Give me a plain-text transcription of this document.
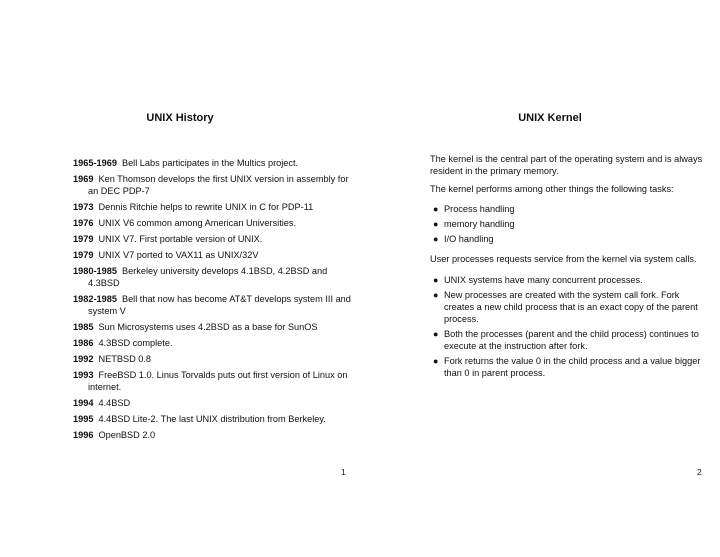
UNIX History
1965-1969 Bell Labs participates in the Multics project.
1969 Ken Thomson develops the first UNIX version in assembly for an DEC PDP-7
1973 Dennis Ritchie helps to rewrite UNIX in C for PDP-11
1976 UNIX V6 common among American Universities.
1979 UNIX V7. First portable version of UNIX.
1979 UNIX V7 ported to VAX11 as UNIX/32V
1980-1985 Berkeley university develops 4.1BSD, 4.2BSD and 4.3BSD
1982-1985 Bell that now has become AT&T develops system III and system V
1985 Sun Microsystems uses 4.2BSD as a base for SunOS
1986 4.3BSD complete.
1992 NETBSD 0.8
1993 FreeBSD 1.0. Linus Torvalds puts out first version of Linux on internet.
1994 4.4BSD
1995 4.4BSD Lite-2. The last UNIX distribution from Berkeley.
1996 OpenBSD 2.0
1
UNIX Kernel

The kernel is the central part of the operating system and is always resident in the primary memory.

The kernel performs among other things the following tasks:

● Process handling
● memory handling
● I/O handling

User processes requests service from the kernel via system calls.

● UNIX systems have many concurrent processes.
● New processes are created with the system call fork. Fork creates a new child process that is an exact copy of the parent process.
● Both the processes (parent and the child process) continues to execute at the instruction after fork.
● Fork returns the value 0 in the child process and a value bigger than 0 in parent process.
2
